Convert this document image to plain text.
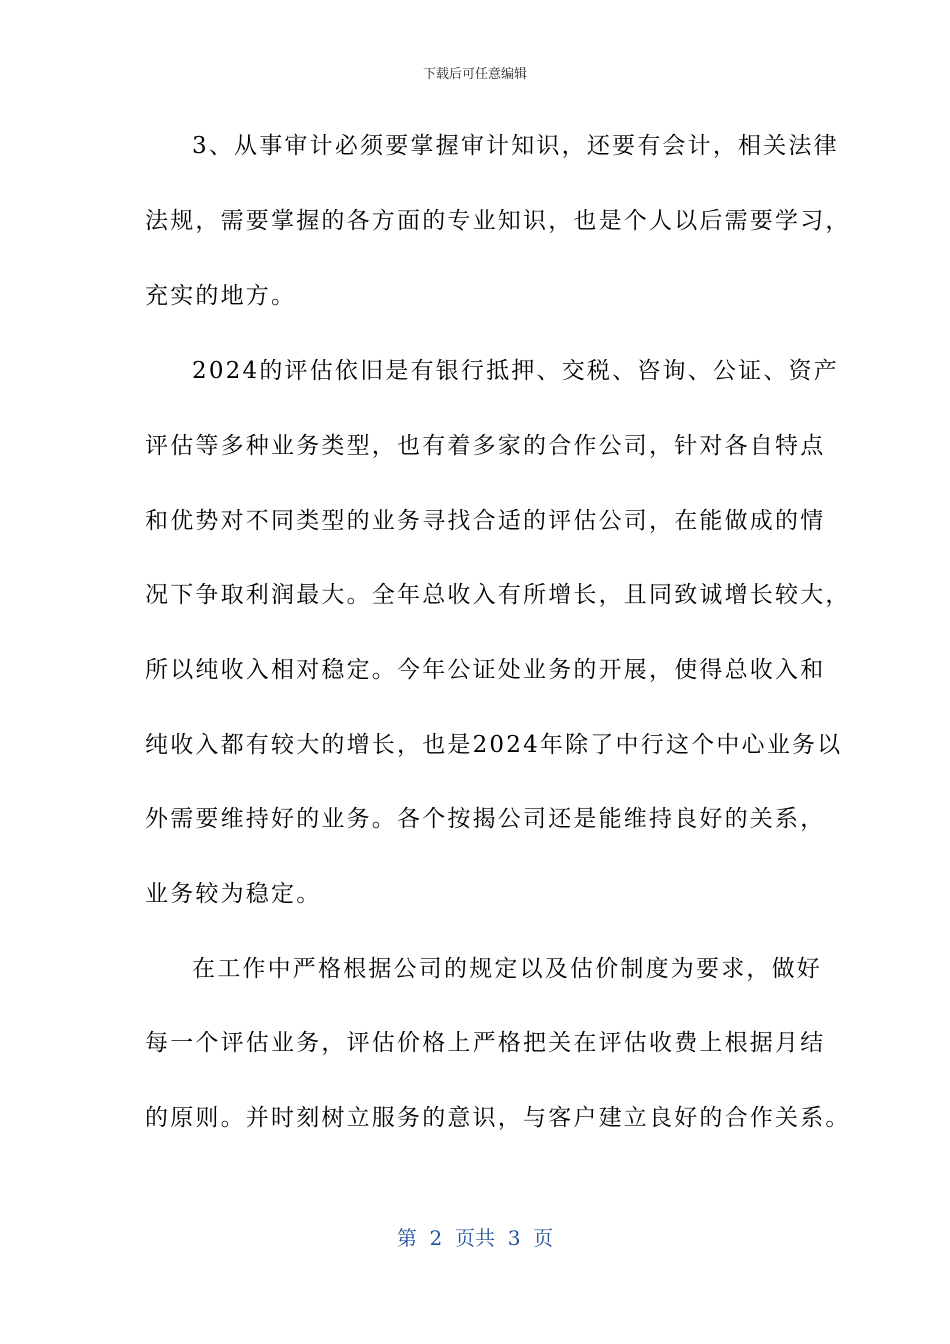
下载后可任意编辑
3、从事审计必须要掌握审计知识，还要有会计，相关法律
法规，需要掌握的各方面的专业知识，也是个人以后需要学习，
充实的地方。
2024的评估依旧是有银行抵押、交税、咨询、公证、资产
评估等多种业务类型，也有着多家的合作公司，针对各自特点
和优势对不同类型的业务寻找合适的评估公司，在能做成的情
况下争取利润最大。全年总收入有所增长，且同致诚增长较大，
所以纯收入相对稳定。今年公证处业务的开展，使得总收入和
纯收入都有较大的增长，也是2024年除了中行这个中心业务以
外需要维持好的业务。各个按揭公司还是能维持良好的关系，
业务较为稳定。
在工作中严格根据公司的规定以及估价制度为要求，做好
每一个评估业务，评估价格上严格把关在评估收费上根据月结
的原则。并时刻树立服务的意识，与客户建立良好的合作关系。
第  2  页共  3  页
